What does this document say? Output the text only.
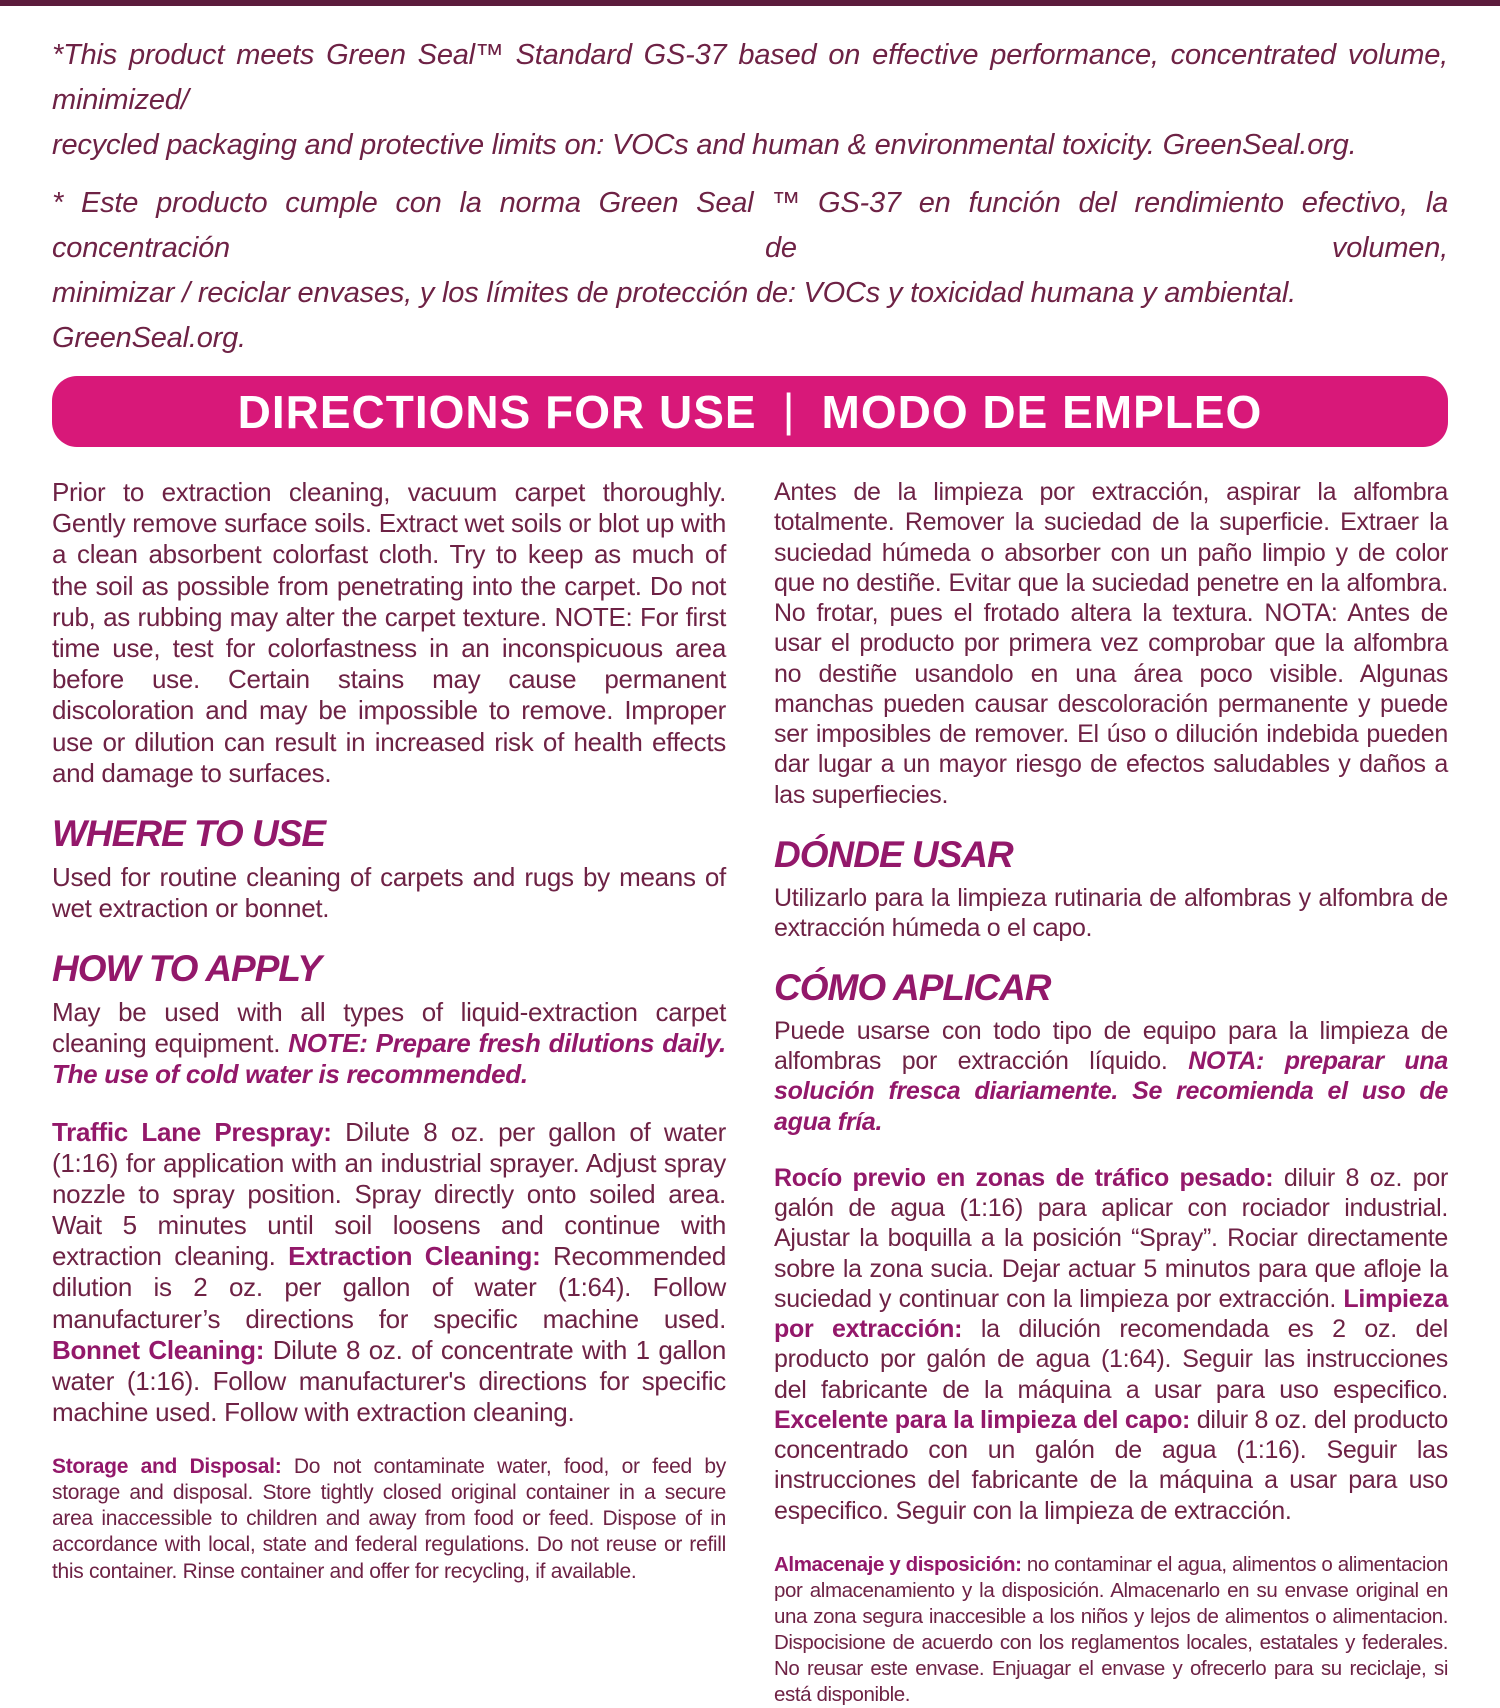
*This product meets Green Seal™ Standard GS-37 based on effective performance, concentrated volume, minimized/
recycled packaging and protective limits on: VOCs and human & environmental toxicity. GreenSeal.org.
* Este producto cumple con la norma Green Seal ™ GS-37 en función del rendimiento efectivo, la concentración de volumen,
minimizar / reciclar envases, y los límites de protección de: VOCs y toxicidad humana y ambiental. GreenSeal.org.
DIRECTIONS FOR USE | MODO DE EMPLEO

Prior to extraction cleaning, vacuum carpet thoroughly. Gently remove surface soils. Extract wet soils or blot up with a clean absorbent colorfast cloth. Try to keep as much of the soil as possible from penetrating into the carpet. Do not rub, as rubbing may alter the carpet texture. NOTE: For first time use, test for colorfastness in an inconspicuous area before use. Certain stains may cause permanent discoloration and may be impossible to remove. Improper use or dilution can result in increased risk of health effects and damage to surfaces.

WHERE TO USE

Used for routine cleaning of carpets and rugs by means of wet extraction or bonnet.

HOW TO APPLY

May be used with all types of liquid-extraction carpet cleaning equipment. NOTE: Prepare fresh dilutions daily. The use of cold water is recommended.

Traffic Lane Prespray: Dilute 8 oz. per gallon of water (1:16) for application with an industrial sprayer. Adjust spray nozzle to spray position. Spray directly onto soiled area. Wait 5 minutes until soil loosens and continue with extraction cleaning. Extraction Cleaning: Recommended dilution is 2 oz. per gallon of water (1:64). Follow manufacturer’s directions for specific machine used. Bonnet Cleaning: Dilute 8 oz. of concentrate with 1 gallon water (1:16). Follow manufacturer's directions for specific machine used. Follow with extraction cleaning.

Storage and Disposal: Do not contaminate water, food, or feed by storage and disposal. Store tightly closed original container in a secure area inaccessible to children and away from food or feed. Dispose of in accordance with local, state and federal regulations. Do not reuse or refill this container. Rinse container and offer for recycling, if available.

Antes de la limpieza por extracción, aspirar la alfombra totalmente. Remover la suciedad de la superficie. Extraer la suciedad húmeda o absorber con un paño limpio y de color que no destiñe. Evitar que la suciedad penetre en la alfombra. No frotar, pues el frotado altera la textura. NOTA: Antes de usar el producto por primera vez comprobar que la alfombra no destiñe usandolo en una área poco visible. Algunas manchas pueden causar descoloración permanente y puede ser imposibles de remover. El úso o dilución indebida pueden dar lugar a un mayor riesgo de efectos saludables y daños a las superfiecies.

DÓNDE USAR

Utilizarlo para la limpieza rutinaria de alfombras y alfombra de extracción húmeda o el capo.

CÓMO APLICAR

Puede usarse con todo tipo de equipo para la limpieza de alfombras por extracción líquido. NOTA: preparar una solución fresca diariamente. Se recomienda el uso de agua fría.

Rocío previo en zonas de tráfico pesado: diluir 8 oz. por galón de agua (1:16) para aplicar con rociador industrial. Ajustar la boquilla a la posición “Spray”. Rociar directamente sobre la zona sucia. Dejar actuar 5 minutos para que afloje la suciedad y continuar con la limpieza por extracción. Limpieza por extracción: la dilución recomendada es 2 oz. del producto por galón de agua (1:64). Seguir las instrucciones del fabricante de la máquina a usar para uso especifico. Excelente para la limpieza del capo: diluir 8 oz. del producto concentrado con un galón de agua (1:16). Seguir las instrucciones del fabricante de la máquina a usar para uso especifico. Seguir con la limpieza de extracción.

Almacenaje y disposición: no contaminar el agua, alimentos o alimentacion por almacenamiento y la disposición. Almacenarlo en su envase original en una zona segura inaccesible a los niños y lejos de alimentos o alimentacion. Dispocisione de acuerdo con los reglamentos locales, estatales y federales. No reusar este envase. Enjuagar el envase y ofrecerlo para su reciclaje, si está disponible.
